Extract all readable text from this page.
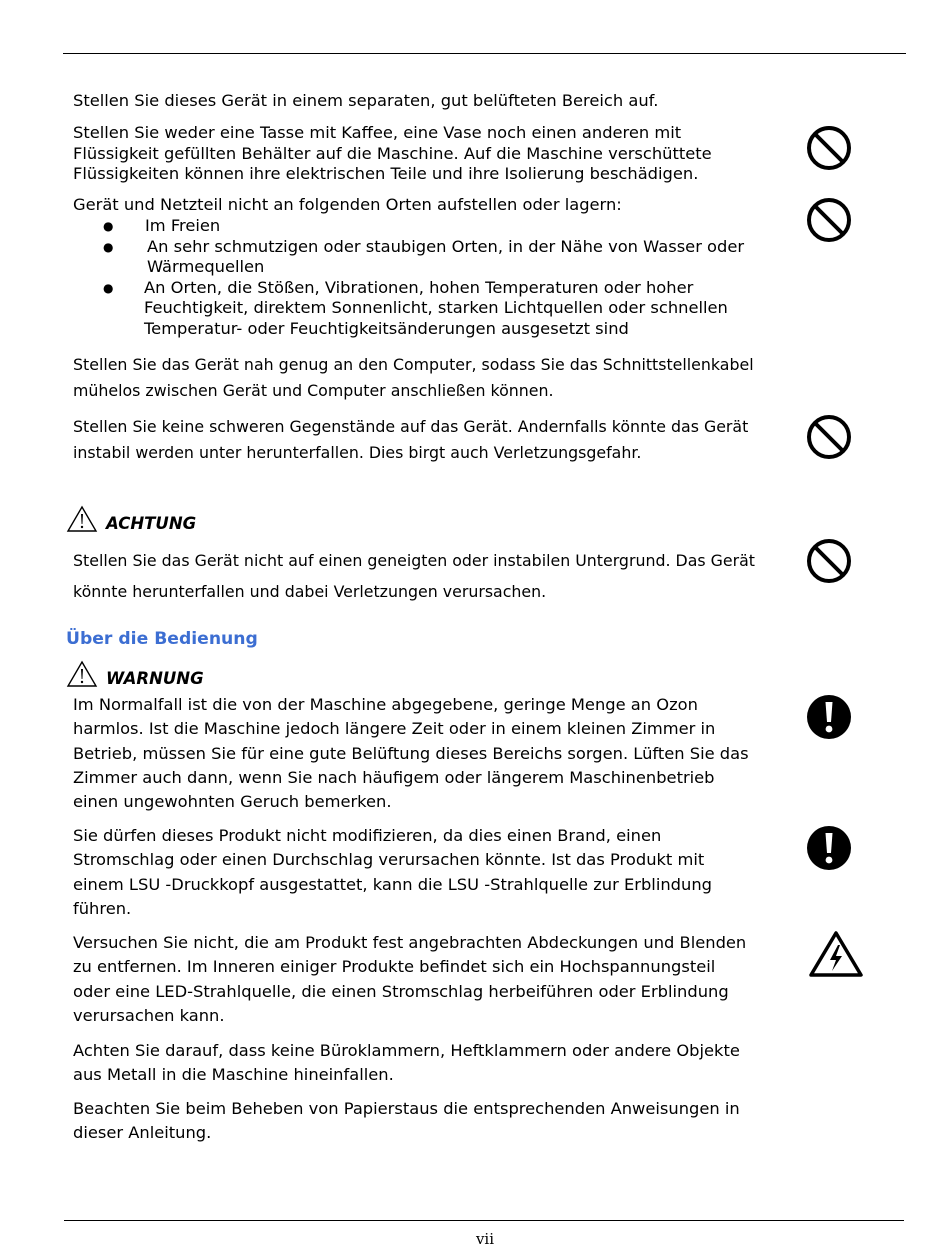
Stellen Sie dieses Gerät in einem separaten, gut belüfteten Bereich auf.

Stellen Sie weder eine Tasse mit Kaffee, eine Vase noch einen anderen mit
Flüssigkeit gefüllten Behälter auf die Maschine. Auf die Maschine verschüttete
Flüssigkeiten können ihre elektrischen Teile und ihre Isolierung beschädigen.

Gerät und Netzteil nicht an folgenden Orten aufstellen oder lagern:

● Im Freien
● An sehr schmutzigen oder staubigen Orten, in der Nähe von Wasser oder Wärmequellen
● An Orten, die Stößen, Vibrationen, hohen Temperaturen oder hoher Feuchtigkeit, direktem Sonnenlicht, starken Lichtquellen oder schnellen Temperatur- oder Feuchtigkeitsänderungen ausgesetzt sind
Stellen Sie das Gerät nah genug an den Computer, sodass Sie das Schnittstellenkabel
mühelos zwischen Gerät und Computer anschließen können.
Stellen Sie keine schweren Gegenstände auf das Gerät. Andernfalls könnte das Gerät
instabil werden unter herunterfallen. Dies birgt auch Verletzungsgefahr.
ACHTUNG
Stellen Sie das Gerät nicht auf einen geneigten oder instabilen Untergrund. Das Gerät
könnte herunterfallen und dabei Verletzungen verursachen.
Über die Bedienung
WARNUNG
Im Normalfall ist die von der Maschine abgegebene, geringe Menge an Ozon
harmlos. Ist die Maschine jedoch längere Zeit oder in einem kleinen Zimmer in
Betrieb, müssen Sie für eine gute Belüftung dieses Bereichs sorgen. Lüften Sie das
Zimmer auch dann, wenn Sie nach häufigem oder längerem Maschinenbetrieb
einen ungewohnten Geruch bemerken.
Sie dürfen dieses Produkt nicht modifizieren, da dies einen Brand, einen
Stromschlag oder einen Durchschlag verursachen könnte. Ist das Produkt mit
einem LSU -Druckkopf ausgestattet, kann die LSU -Strahlquelle zur Erblindung
führen.
Versuchen Sie nicht, die am Produkt fest angebrachten Abdeckungen und Blenden
zu entfernen. Im Inneren einiger Produkte befindet sich ein Hochspannungsteil
oder eine LED-Strahlquelle, die einen Stromschlag herbeiführen oder Erblindung
verursachen kann.
Achten Sie darauf, dass keine Büroklammern, Heftklammern oder andere Objekte
aus Metall in die Maschine hineinfallen.
Beachten Sie beim Beheben von Papierstaus die entsprechenden Anweisungen in
dieser Anleitung.
vii
